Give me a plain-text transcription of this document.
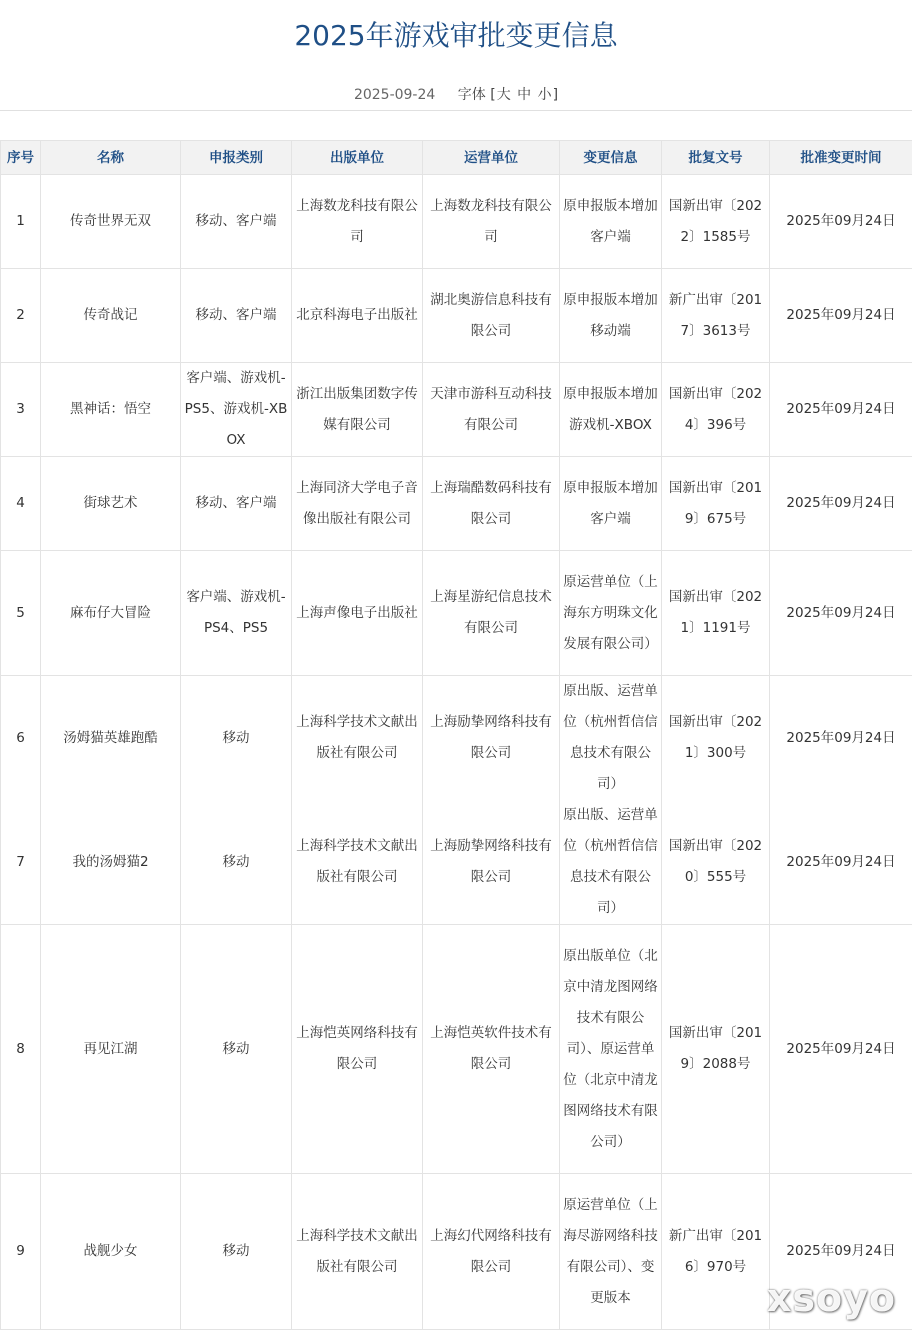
2025年游戏审批变更信息
2025-09-24 字体 [大 中 小]
序号	名称	申报类别	出版单位	运营单位	变更信息	批复文号	批准变更时间
1	传奇世界无双	移动、客户端	上海数龙科技有限公司	上海数龙科技有限公司	原申报版本增加客户端	国新出审〔2022〕1585号	2025年09月24日
2	传奇战记	移动、客户端	北京科海电子出版社	湖北奥游信息科技有限公司	原申报版本增加移动端	新广出审〔2017〕3613号	2025年09月24日
3	黑神话：悟空	客户端、游戏机-PS5、游戏机-XBOX	浙江出版集团数字传媒有限公司	天津市游科互动科技有限公司	原申报版本增加游戏机-XBOX	国新出审〔2024〕396号	2025年09月24日
4	街球艺术	移动、客户端	上海同济大学电子音像出版社有限公司	上海瑞酷数码科技有限公司	原申报版本增加客户端	国新出审〔2019〕675号	2025年09月24日
5	麻布仔大冒险	客户端、游戏机-PS4、PS5	上海声像电子出版社	上海星游纪信息技术有限公司	原运营单位（上海东方明珠文化发展有限公司）	国新出审〔2021〕1191号	2025年09月24日
6	汤姆猫英雄跑酷	移动	上海科学技术文献出版社有限公司	上海励挚网络科技有限公司	原出版、运营单位（杭州哲信信息技术有限公司）	国新出审〔2021〕300号	2025年09月24日
7	我的汤姆猫2	移动	上海科学技术文献出版社有限公司	上海励挚网络科技有限公司	原出版、运营单位（杭州哲信信息技术有限公司）	国新出审〔2020〕555号	2025年09月24日
8	再见江湖	移动	上海恺英网络科技有限公司	上海恺英软件技术有限公司	原出版单位（北京中清龙图网络技术有限公司）、原运营单位（北京中清龙图网络技术有限公司）	国新出审〔2019〕2088号	2025年09月24日
9	战舰少女	移动	上海科学技术文献出版社有限公司	上海幻代网络科技有限公司	原运营单位（上海尽游网络科技有限公司）、变更版本	新广出审〔2016〕970号	2025年09月24日
xsoyo
